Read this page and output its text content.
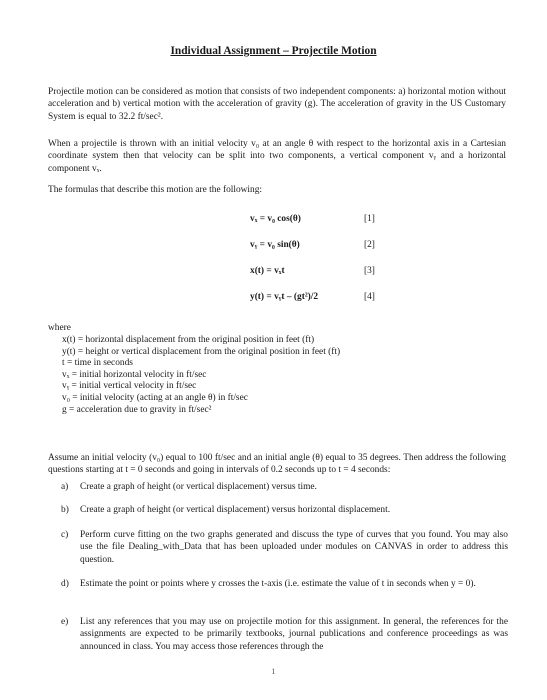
Individual Assignment – Projectile Motion

Projectile motion can be considered as motion that consists of two independent components: a) horizontal motion without acceleration and b) vertical motion with the acceleration of gravity (g). The acceleration of gravity in the US Customary System is equal to 32.2 ft/sec².

When a projectile is thrown with an initial velocity v₀ at an angle θ with respect to the horizontal axis in a Cartesian coordinate system then that velocity can be split into two components, a vertical component vᵧ and a horizontal component vₓ.

The formulas that describe this motion are the following:

vₓ = v₀ cos(θ)	[1]
vᵧ = v₀ sin(θ)	[2]
x(t) = vₓt	[3]
y(t) = vᵧt – (gt²)/2	[4]
where
x(t) = horizontal displacement from the original position in feet (ft)
y(t) = height or vertical displacement from the original position in feet (ft)
t = time in seconds
vₓ = initial horizontal velocity in ft/sec
vᵧ = initial vertical velocity in ft/sec
v₀ = initial velocity (acting at an angle θ) in ft/sec
g = acceleration due to gravity in ft/sec²

Assume an initial velocity (v₀) equal to 100 ft/sec and an initial angle (θ) equal to 35 degrees. Then address the following questions starting at t = 0 seconds and going in intervals of 0.2 seconds up to t = 4 seconds:

a) Create a graph of height (or vertical displacement) versus time.
b) Create a graph of height (or vertical displacement) versus horizontal displacement.
c) Perform curve fitting on the two graphs generated and discuss the type of curves that you found. You may also use the file Dealing_with_Data that has been uploaded under modules on CANVAS in order to address this question.
d) Estimate the point or points where y crosses the t-axis (i.e. estimate the value of t in seconds when y = 0).
e) List any references that you may use on projectile motion for this assignment. In general, the references for the assignments are expected to be primarily textbooks, journal publications and conference proceedings as was announced in class. You may access those references through the
1
